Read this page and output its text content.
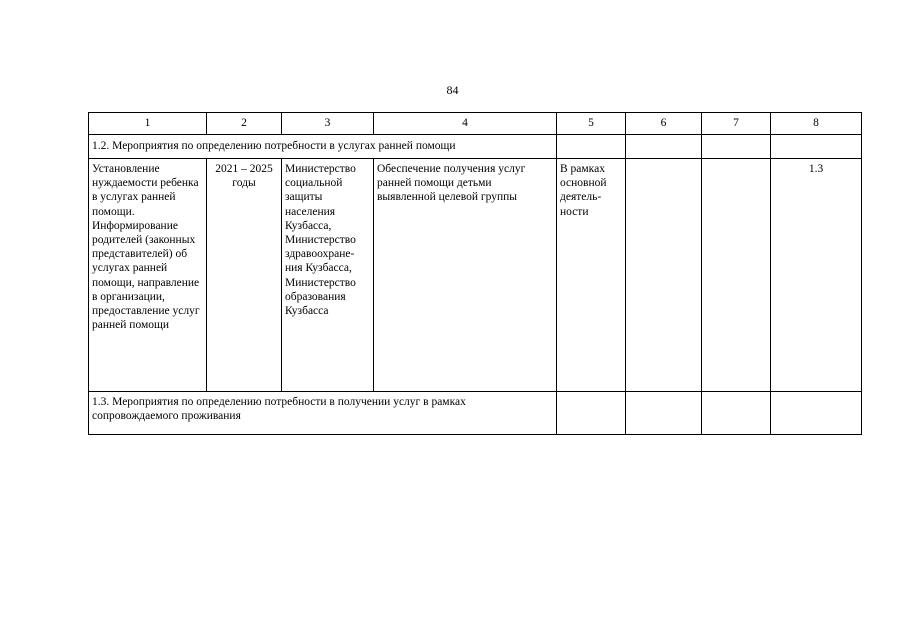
84
1	2	3	4	5	6	7	8
1.2. Мероприятия по определению потребности в услугах ранней помощи							
Установление нуждаемости ребенка в услугах ранней помощи. Информирование родителей (законных представителей) об услугах ранней помощи, направление в организации, предоставление услуг ранней помощи	2021 – 2025 годы	Министерство социальной защиты населения Кузбасса, Министерство здравоохране-ния Кузбасса, Министерство образования Кузбасса	Обеспечение получения услуг ранней помощи детьми выявленной целевой группы	В рамках основной деятель-ности			1.3
1.3. Мероприятия по определению потребности в получении услуг в рамках сопровождаемого проживания							
